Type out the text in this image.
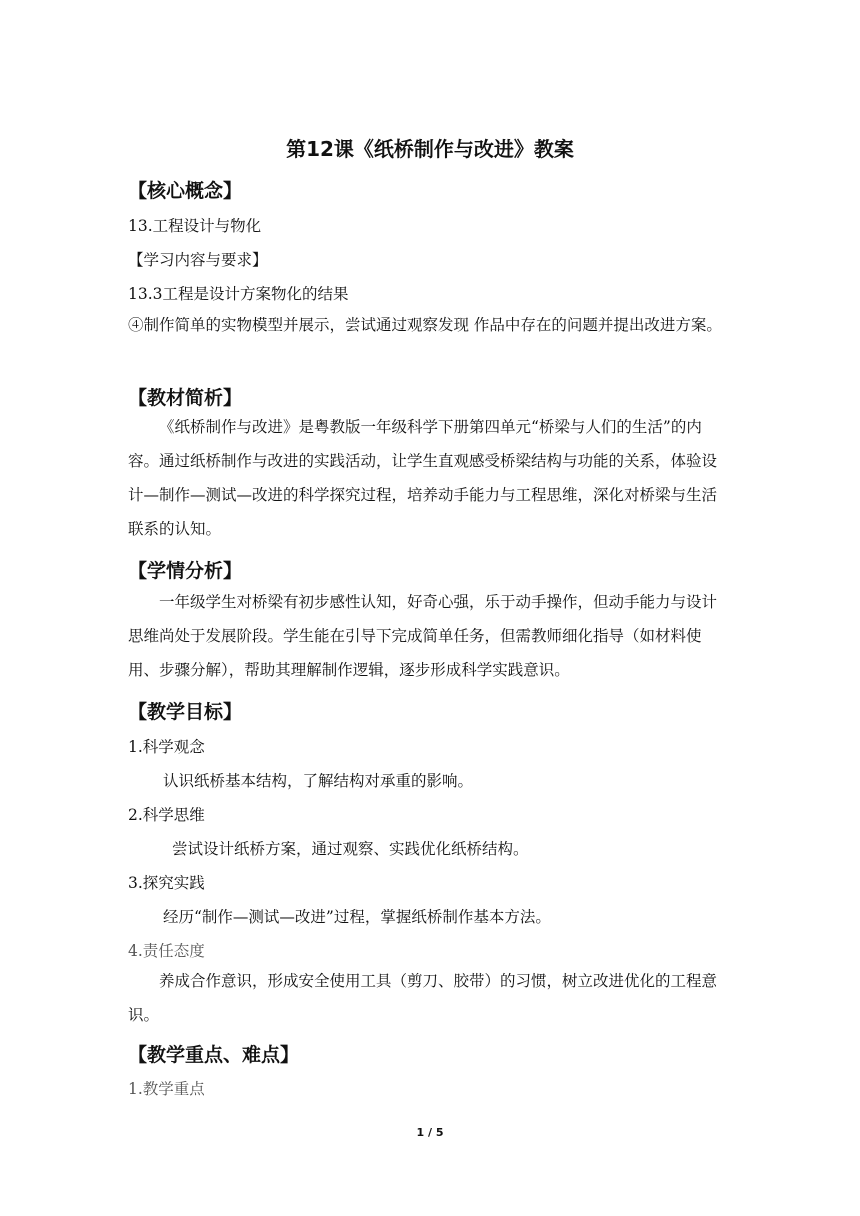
第12课《纸桥制作与改进》教案
【核心概念】
13.工程设计与物化
【学习内容与要求】
13.3工程是设计方案物化的结果
④制作简单的实物模型并展示，尝试通过观察发现 作品中存在的问题并提出改进方案。
【教材简析】
《纸桥制作与改进》是粤教版一年级科学下册第四单元“桥梁与人们的生活”的内容。通过纸桥制作与改进的实践活动，让学生直观感受桥梁结构与功能的关系，体验设计—制作—测试—改进的科学探究过程，培养动手能力与工程思维，深化对桥梁与生活联系的认知。
【学情分析】
一年级学生对桥梁有初步感性认知，好奇心强，乐于动手操作，但动手能力与设计思维尚处于发展阶段。学生能在引导下完成简单任务，但需教师细化指导（如材料使用、步骤分解），帮助其理解制作逻辑，逐步形成科学实践意识。
【教学目标】
1.科学观念
认识纸桥基本结构，了解结构对承重的影响。
2.科学思维
尝试设计纸桥方案，通过观察、实践优化纸桥结构。
3.探究实践
经历“制作—测试—改进”过程，掌握纸桥制作基本方法。
4.责任态度
养成合作意识，形成安全使用工具（剪刀、胶带）的习惯，树立改进优化的工程意识。
【教学重点、难点】
1.教学重点
1 / 5
